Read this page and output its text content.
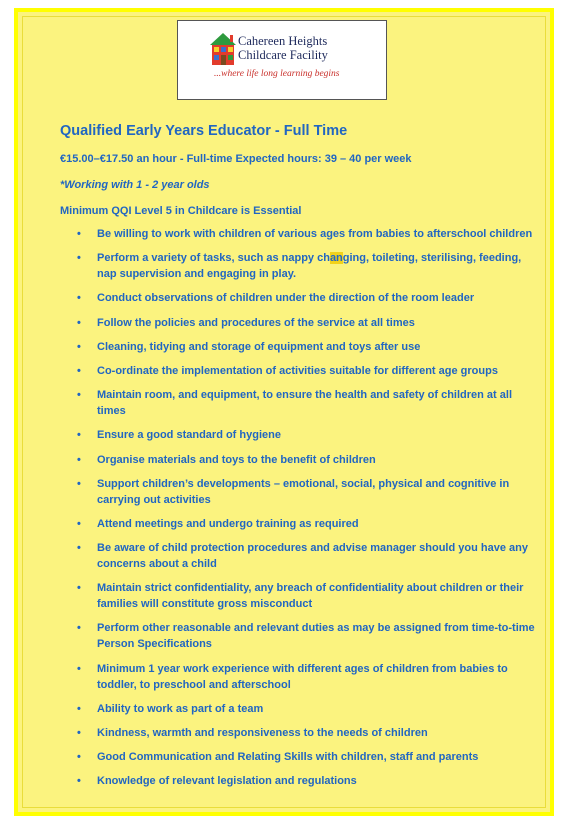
Cahereen Heights
Childcare Facility
...where life long learning begins
Qualified Early Years Educator - Full Time

€15.00–€17.50 an hour - Full-time Expected hours: 39 – 40 per week

*Working with 1 - 2 year olds

Minimum QQI Level 5 in Childcare is Essential

• Be willing to work with children of various ages from babies to afterschool children
• Perform a variety of tasks, such as nappy changing, toileting, sterilising, feeding, nap supervision and engaging in play.
• Conduct observations of children under the direction of the room leader
• Follow the policies and procedures of the service at all times
• Cleaning, tidying and storage of equipment and toys after use
• Co-ordinate the implementation of activities suitable for different age groups
• Maintain room, and equipment, to ensure the health and safety of children at all times
• Ensure a good standard of hygiene
• Organise materials and toys to the benefit of children
• Support children’s developments – emotional, social, physical and cognitive in carrying out activities
• Attend meetings and undergo training as required
• Be aware of child protection procedures and advise manager should you have any concerns about a child
• Maintain strict confidentiality, any breach of confidentiality about children or their families will constitute gross misconduct
• Perform other reasonable and relevant duties as may be assigned from time-to-time Person Specifications
• Minimum 1 year work experience with different ages of children from babies to toddler, to preschool and afterschool
• Ability to work as part of a team
• Kindness, warmth and responsiveness to the needs of children
• Good Communication and Relating Skills with children, staff and parents
• Knowledge of relevant legislation and regulations
